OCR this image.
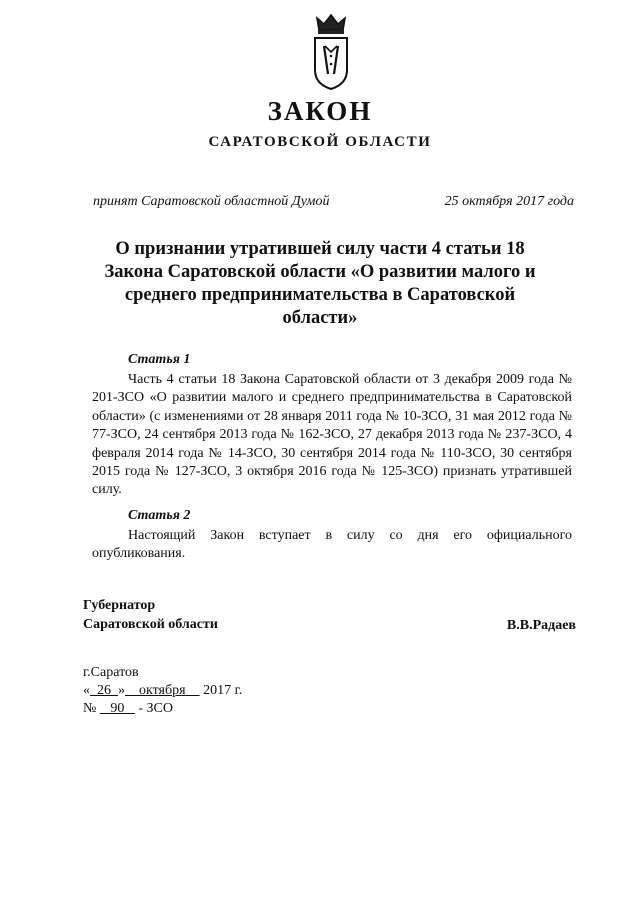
ЗАКОН
САРАТОВСКОЙ ОБЛАСТИ
принят Саратовской областной Думой	25 октября 2017 года
О признании утратившей силу части 4 статьи 18 Закона Саратовской области «О развитии малого и среднего предпринимательства в Саратовской области»
Статья 1

Часть 4 статьи 18 Закона Саратовской области от 3 декабря 2009 года № 201-ЗСО «О развитии малого и среднего предпринимательства в Саратовской области» (с изменениями от 28 января 2011 года № 10-ЗСО, 31 мая 2012 года № 77-ЗСО, 24 сентября 2013 года № 162-ЗСО, 27 декабря 2013 года № 237-ЗСО, 4 февраля 2014 года № 14-ЗСО, 30 сентября 2014 года № 110-ЗСО, 30 сентября 2015 года № 127-ЗСО, 3 октября 2016 года № 125-ЗСО) признать утратившей силу.

Статья 2

Настоящий Закон вступает в силу со дня его официального опубликования.

Губернатор
Саратовской области	В.В.Радаев
г.Саратов
« 26 » октября 2017 г.
№    90 - ЗСО
